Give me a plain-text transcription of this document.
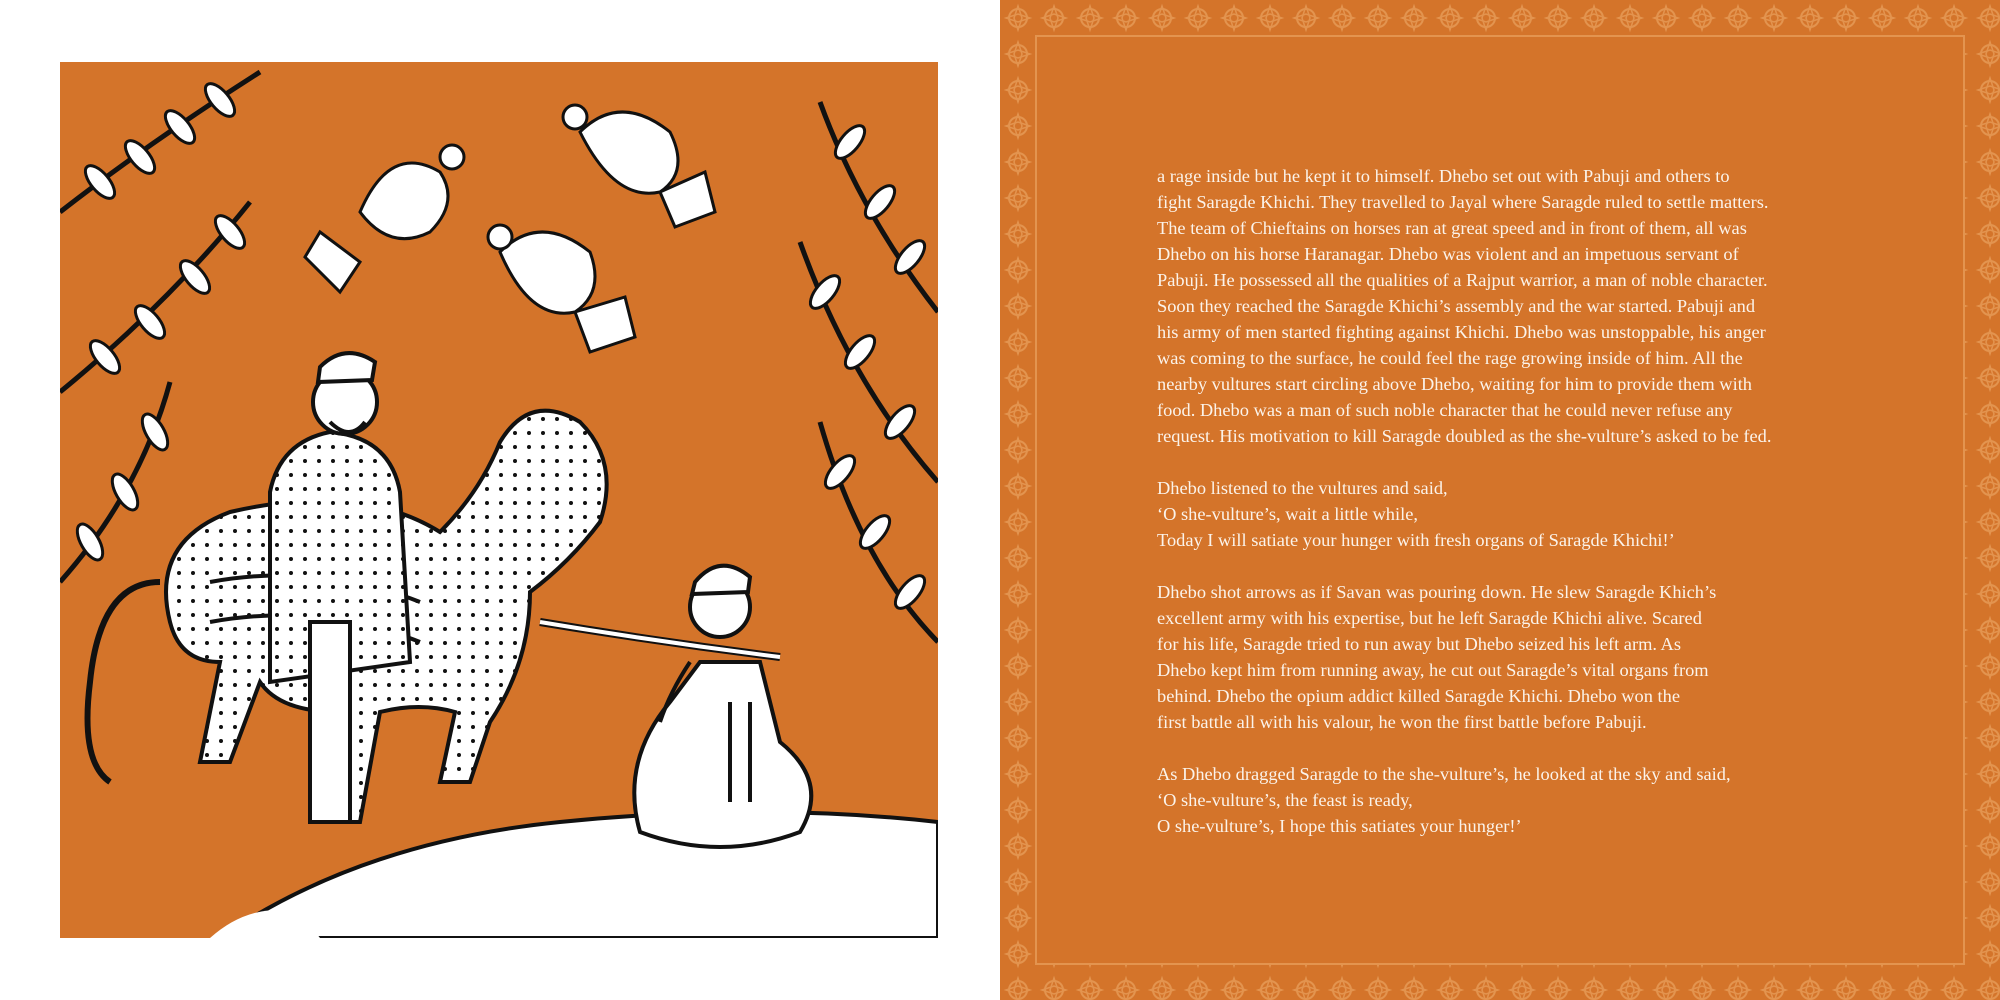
a rage inside but he kept it to himself. Dhebo set out with Pabuji and others to
fight Saragde Khichi. They travelled to Jayal where Saragde ruled to settle matters.
The team of Chieftains on horses ran at great speed and in front of them, all was
Dhebo on his horse Haranagar. Dhebo was violent and an impetuous servant of
Pabuji. He possessed all the qualities of a Rajput warrior, a man of noble character.
Soon they reached the Saragde Khichi’s assembly and the war started. Pabuji and
his army of men started fighting against Khichi. Dhebo was unstoppable, his anger
was coming to the surface, he could feel the rage growing inside of him. All the
nearby vultures start circling above Dhebo, waiting for him to provide them with
food. Dhebo was a man of such noble character that he could never refuse any
request. His motivation to kill Saragde doubled as the she-vulture’s asked to be fed.

Dhebo listened to the vultures and said,
‘O she-vulture’s, wait a little while,
Today I will satiate your hunger with fresh organs of Saragde Khichi!’

Dhebo shot arrows as if Savan was pouring down. He slew Saragde Khich’s
excellent army with his expertise, but he left Saragde Khichi alive. Scared
for his life, Saragde tried to run away but Dhebo seized his left arm. As
Dhebo kept him from running away, he cut out Saragde’s vital organs from
behind. Dhebo the opium addict killed Saragde Khichi. Dhebo won the
first battle all with his valour, he won the first battle before Pabuji.

As Dhebo dragged Saragde to the she-vulture’s, he looked at the sky and said,
‘O she-vulture’s, the feast is ready,
O she-vulture’s, I hope this satiates your hunger!’
